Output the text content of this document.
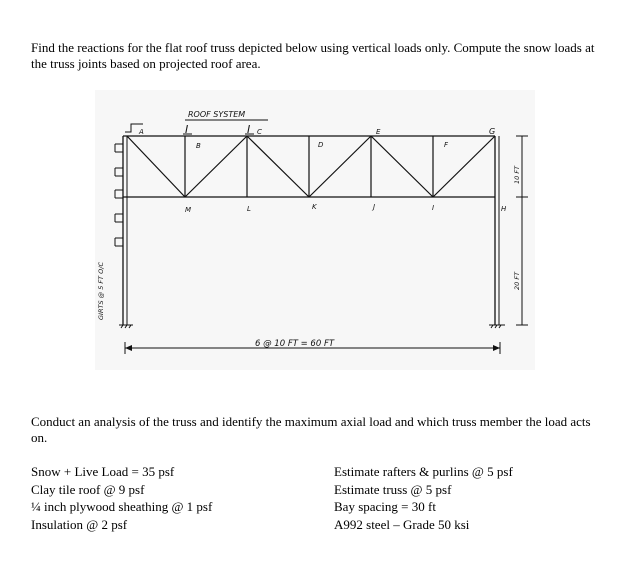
Find the reactions for the flat roof truss depicted below using vertical loads only. Compute the snow loads at the truss joints based on projected roof area.

ROOF SYSTEM
I	I
A
B
C
D
E
F
G
M	L	K	J	I	H
GIRTS @ 5 FT O/C
6 @ 10 FT = 60 FT
10 FT
20 FT

Conduct an analysis of the truss and identify the maximum axial load and which truss member the load acts on.

Snow + Live Load = 35 psf
Clay tile roof @ 9 psf
¼ inch plywood sheathing @ 1 psf
Insulation @ 2 psf
Estimate rafters & purlins @ 5 psf
Estimate truss @ 5 psf
Bay spacing = 30 ft
A992 steel – Grade 50 ksi
